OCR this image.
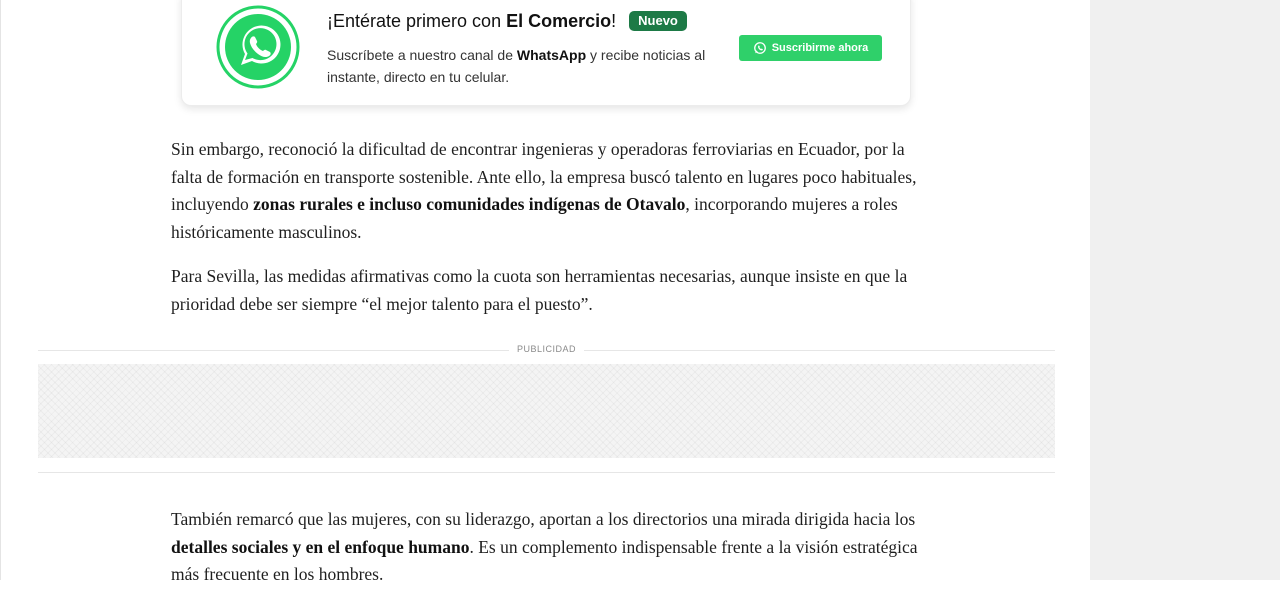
¡Entérate primero con El Comercio! Nuevo
Suscríbete a nuestro canal de WhatsApp y recibe noticias al instante, directo en tu celular.
Suscribirme ahora

Sin embargo, reconoció la dificultad de encontrar ingenieras y operadoras ferroviarias en Ecuador, por la falta de formación en transporte sostenible. Ante ello, la empresa buscó talento en lugares poco habituales, incluyendo zonas rurales e incluso comunidades indígenas de Otavalo, incorporando mujeres a roles históricamente masculinos.

Para Sevilla, las medidas afirmativas como la cuota son herramientas necesarias, aunque insiste en que la prioridad debe ser siempre “el mejor talento para el puesto”.

PUBLICIDAD

También remarcó que las mujeres, con su liderazgo, aportan a los directorios una mirada dirigida hacia los detalles sociales y en el enfoque humano. Es un complemento indispensable frente a la visión estratégica más frecuente en los hombres.
